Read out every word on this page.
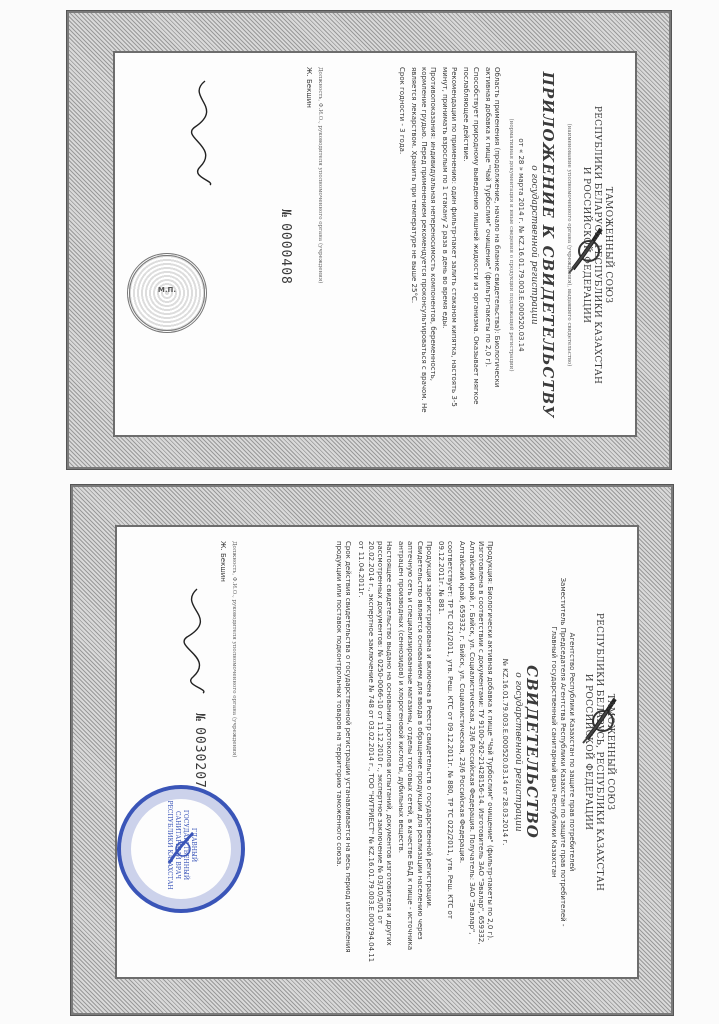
ТАМОЖЕННЫЙ СОЮЗ
РЕСПУБЛИКИ БЕЛАРУСЬ, РЕСПУБЛИКИ КАЗАХСТАН
И РОССИЙСКОЙ ФЕДЕРАЦИИ
(наименование уполномоченного органа (учреждения), выдавшего свидетельство)
ПРИЛОЖЕНИЕ К СВИДЕТЕЛЬСТВУ
о государственной регистрации
от « 28 » марта 2014 г. № KZ.16.01.79.003.Е.000520.03.14
(нормативная документация и иные сведения о продукции подлежащей регистрации)
Область применения (продолжение, начало на бланке свидетельства): Биологически активная добавка к пище "Чай Турбослим" очищение" (фильтр-пакеты по 2,0 г).
Способствует природному выведению лишней жидкости из организма. Оказывает мягкое послабляющее действие.
Рекомендации по применению: один фильтр-пакет залить стаканом кипятка, настоять 3-5 минут, принимать взрослым по 1 стакану 2 раза в день во время еды.
Противопоказания: индивидуальная непереносимость компонентов, беременность, кормление грудью. Перед применением рекомендуется проконсультироваться с врачом. Не является лекарством. Хранить при температуре не выше 25°С.
Срок годности - 3 года.
Должность, Ф.И.О., руководителя уполномоченного органа (учреждения)
Ж. Бекшин
№ 0000408
М.П.
ТАМОЖЕННЫЙ СОЮЗ
РЕСПУБЛИКИ БЕЛАРУСЬ, РЕСПУБЛИКИ КАЗАХСТАН
И РОССИЙСКОЙ ФЕДЕРАЦИИ
Агентство Республики Казахстан по защите прав потребителей
Заместитель Председателя Агентства Республики Казахстан по защите прав потребителей -
Главный государственный санитарный врач Республики Казахстан
СВИДЕТЕЛЬСТВО
о государственной регистрации
№ KZ.16.01.79.003.Е.000520.03.14 от 28.03.2014 г.
Продукция: Биологически активная добавка к пище "Чай Турбослим" очищение" (фильтр-пакеты по 2,0 г). Изготовлена в соответствии с документами: ТУ 9100-262-21428156-14. Изготовитель ЗАО "Эвалар", 659332, Алтайский край, г. Бийск, ул. Социалистическая, 23/6 Российская Федерация. Получатель: ЗАО "Эвалар", Алтайский край, 659332, г. Бийск, ул. Социалистическая, 23/6 Российская Федерация.
соответствует: ТР ТС 021/2011, утв. Реш. КТС от 09.12.2011г. № 880, ТР ТС 022/2011, утв. Реш. КТС от 09.12.2011г. № 881.
Продукция зарегистрирована и включена в Реестр свидетельств о государственной регистрации. Свидетельство является основанием для ввода в обращение продукции для реализации населению через аптечную сеть и специализированные магазины, отделы торговых сетей, в качестве БАД к пище - источника антрацен производных (сеннозидов) и хлорогеновой кислоты, дубильных веществ.
Настоящее свидетельство выдано на основании протоколов испытаний, документов изготовителя и других рассмотренных документов: № 0250-0066-10 от 11.12.2010 г., экспертное заключение № 03/10/5/01 от 20.02.2014 г., экспертное заключение № 748 от 03.02.2014 г., ТОО "НУТРИЕСТ" № KZ.16.01.79.003.Е.000794.04.11 от 11.04.2011г.
Срок действия свидетельства о государственной регистрации устанавливается на весь период изготовления продукции или поставок подконтрольных товаров на территорию таможенного союза.
Должность, Ф.И.О., руководителя уполномоченного органа (учреждения)
Ж. Бекшин
№ 0030207
ГЛАВНЫЙ ГОСУДАРСТВЕННЫЙ САНИТАРНЫЙ ВРАЧ РЕСПУБЛИКИ КАЗАХСТАН
